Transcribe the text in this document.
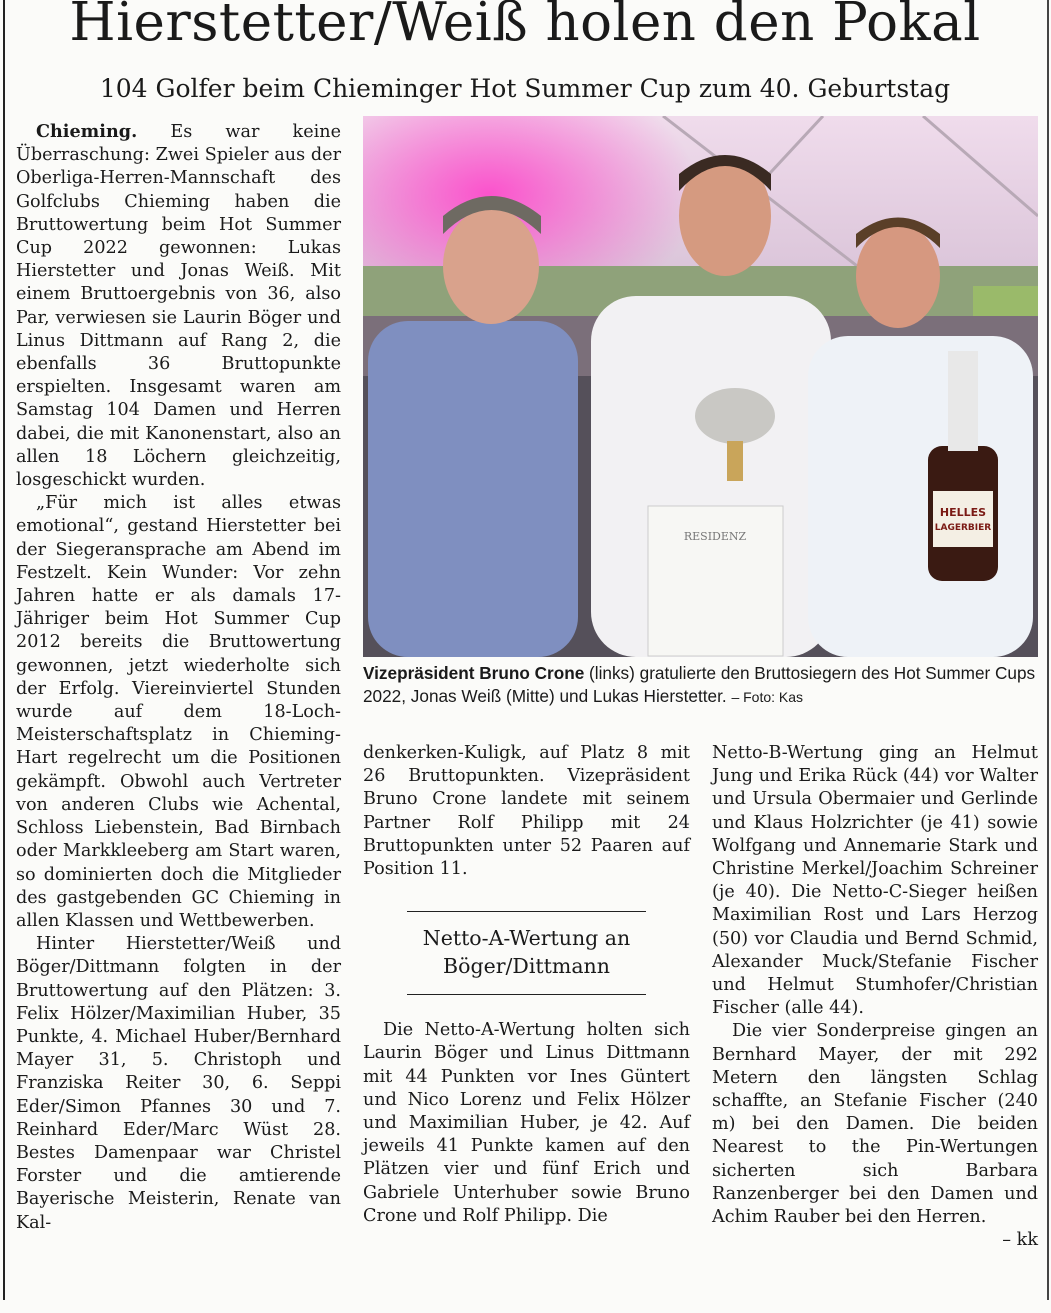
Hierstetter/Weiß holen den Pokal
104 Golfer beim Chieminger Hot Summer Cup zum 40. Geburtstag

Chieming. Es war keine Überraschung: Zwei Spieler aus der Oberliga-Herren-Mannschaft des Golfclubs Chieming haben die Bruttowertung beim Hot Summer Cup 2022 gewonnen: Lukas Hierstetter und Jonas Weiß. Mit einem Bruttoergebnis von 36, also Par, verwiesen sie Laurin Böger und Linus Dittmann auf Rang 2, die ebenfalls 36 Bruttopunkte erspielten. Insgesamt waren am Samstag 104 Damen und Herren dabei, die mit Kanonenstart, also an allen 18 Löchern gleichzeitig, losgeschickt wurden.

„Für mich ist alles etwas emotional“, gestand Hierstetter bei der Siegeransprache am Abend im Festzelt. Kein Wunder: Vor zehn Jahren hatte er als damals 17-Jähriger beim Hot Summer Cup 2012 bereits die Bruttowertung gewonnen, jetzt wiederholte sich der Erfolg. Viereinviertel Stunden wurde auf dem 18-Loch-Meisterschaftsplatz in Chieming-Hart regelrecht um die Positionen gekämpft. Obwohl auch Vertreter von anderen Clubs wie Achental, Schloss Liebenstein, Bad Birnbach oder Markkleeberg am Start waren, so dominierten doch die Mitglieder des gastgebenden GC Chieming in allen Klassen und Wettbewerben.

Hinter Hierstetter/Weiß und Böger/Dittmann folgten in der Bruttowertung auf den Plätzen: 3. Felix Hölzer/Maximilian Huber, 35 Punkte, 4. Michael Huber/Bernhard Mayer 31, 5. Christoph und Franziska Reiter 30, 6. Seppi Eder/Simon Pfannes 30 und 7. Reinhard Eder/Marc Wüst 28. Bestes Damenpaar war Christel Forster und die amtierende Bayerische Meisterin, Renate van Kal-

RESIDENZ
HELLES
LAGERBIER

Vizepräsident Bruno Crone (links) gratulierte den Bruttosiegern des Hot Summer Cups 2022, Jonas Weiß (Mitte) und Lukas Hierstetter. – Foto: Kas

denkerken-Kuligk, auf Platz 8 mit 26 Bruttopunkten. Vizepräsident Bruno Crone landete mit seinem Partner Rolf Philipp mit 24 Bruttopunkten unter 52 Paaren auf Position 11.

Netto-A-Wertung an
Böger/Dittmann

Die Netto-A-Wertung holten sich Laurin Böger und Linus Dittmann mit 44 Punkten vor Ines Güntert und Nico Lorenz und Felix Hölzer und Maximilian Huber, je 42. Auf jeweils 41 Punkte kamen auf den Plätzen vier und fünf Erich und Gabriele Unterhuber sowie Bruno Crone und Rolf Philipp. Die

Netto-B-Wertung ging an Helmut Jung und Erika Rück (44) vor Walter und Ursula Obermaier und Gerlinde und Klaus Holzrichter (je 41) sowie Wolfgang und Annemarie Stark und Christine Merkel/Joachim Schreiner (je 40). Die Netto-C-Sieger heißen Maximilian Rost und Lars Herzog (50) vor Claudia und Bernd Schmid, Alexander Muck/Stefanie Fischer und Helmut Stumhofer/Christian Fischer (alle 44).

Die vier Sonderpreise gingen an Bernhard Mayer, der mit 292 Metern den längsten Schlag schaffte, an Stefanie Fischer (240 m) bei den Damen. Die beiden Nearest to the Pin-Wertungen sicherten sich Barbara Ranzenberger bei den Damen und Achim Rauber bei den Herren.

– kk
